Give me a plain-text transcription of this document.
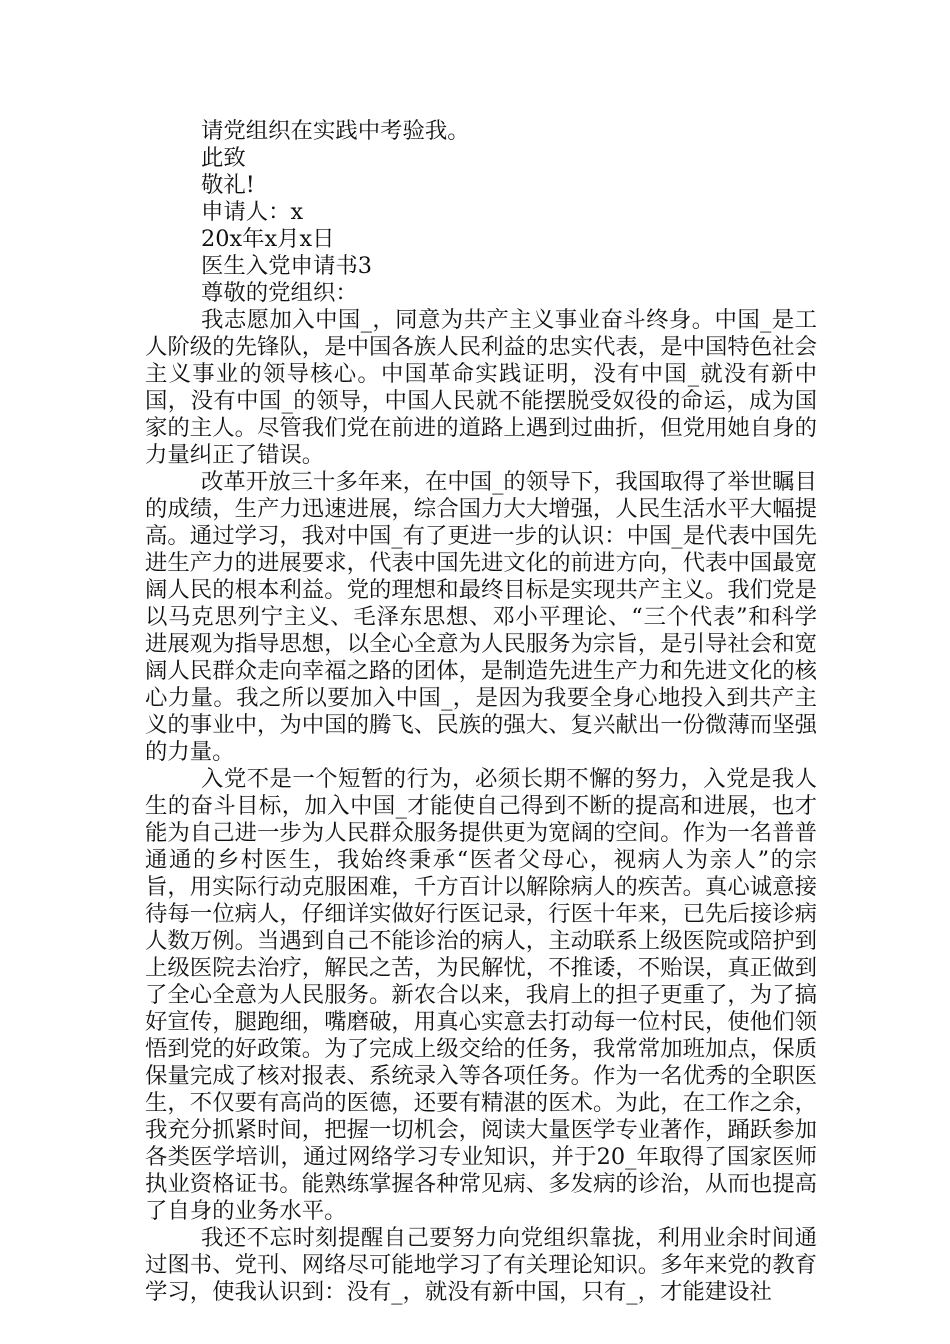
请党组织在实践中考验我。

此致

敬礼!

申请人：x

20x年x月x日

医生入党申请书3

尊敬的党组织：

我志愿加入中国_，同意为共产主义事业奋斗终身。中国_是工人阶级的先锋队，是中国各族人民利益的忠实代表，是中国特色社会主义事业的领导核心。中国革命实践证明，没有中国_就没有新中国，没有中国_的领导，中国人民就不能摆脱受奴役的命运，成为国家的主人。尽管我们党在前进的道路上遇到过曲折，但党用她自身的力量纠正了错误。

改革开放三十多年来，在中国_的领导下，我国取得了举世瞩目的成绩，生产力迅速进展，综合国力大大增强，人民生活水平大幅提高。通过学习，我对中国_有了更进一步的认识：中国_是代表中国先进生产力的进展要求，代表中国先进文化的前进方向，代表中国最宽阔人民的根本利益。党的理想和最终目标是实现共产主义。我们党是以马克思列宁主义、毛泽东思想、邓小平理论、“三个代表”和科学进展观为指导思想，以全心全意为人民服务为宗旨，是引导社会和宽阔人民群众走向幸福之路的团体，是制造先进生产力和先进文化的核心力量。我之所以要加入中国_，是因为我要全身心地投入到共产主义的事业中，为中国的腾飞、民族的强大、复兴献出一份微薄而坚强的力量。

入党不是一个短暂的行为，必须长期不懈的努力，入党是我人生的奋斗目标，加入中国_才能使自己得到不断的提高和进展，也才能为自己进一步为人民群众服务提供更为宽阔的空间。作为一名普普通通的乡村医生，我始终秉承“医者父母心，视病人为亲人”的宗旨，用实际行动克服困难，千方百计以解除病人的疾苦。真心诚意接待每一位病人，仔细详实做好行医记录，行医十年来，已先后接诊病人数万例。当遇到自己不能诊治的病人，主动联系上级医院或陪护到上级医院去治疗，解民之苦，为民解忧，不推诿，不贻误，真正做到了全心全意为人民服务。新农合以来，我肩上的担子更重了，为了搞好宣传，腿跑细，嘴磨破，用真心实意去打动每一位村民，使他们领悟到党的好政策。为了完成上级交给的任务，我常常加班加点，保质保量完成了核对报表、系统录入等各项任务。作为一名优秀的全职医生，不仅要有高尚的医德，还要有精湛的医术。为此，在工作之余，我充分抓紧时间，把握一切机会，阅读大量医学专业著作，踊跃参加各类医学培训，通过网络学习专业知识，并于20_年取得了国家医师执业资格证书。能熟练掌握各种常见病、多发病的诊治，从而也提高了自身的业务水平。

我还不忘时刻提醒自己要努力向党组织靠拢，利用业余时间通过图书、党刊、网络尽可能地学习了有关理论知识。多年来党的教育学习，使我认识到：没有_，就没有新中国，只有_，才能建设社
